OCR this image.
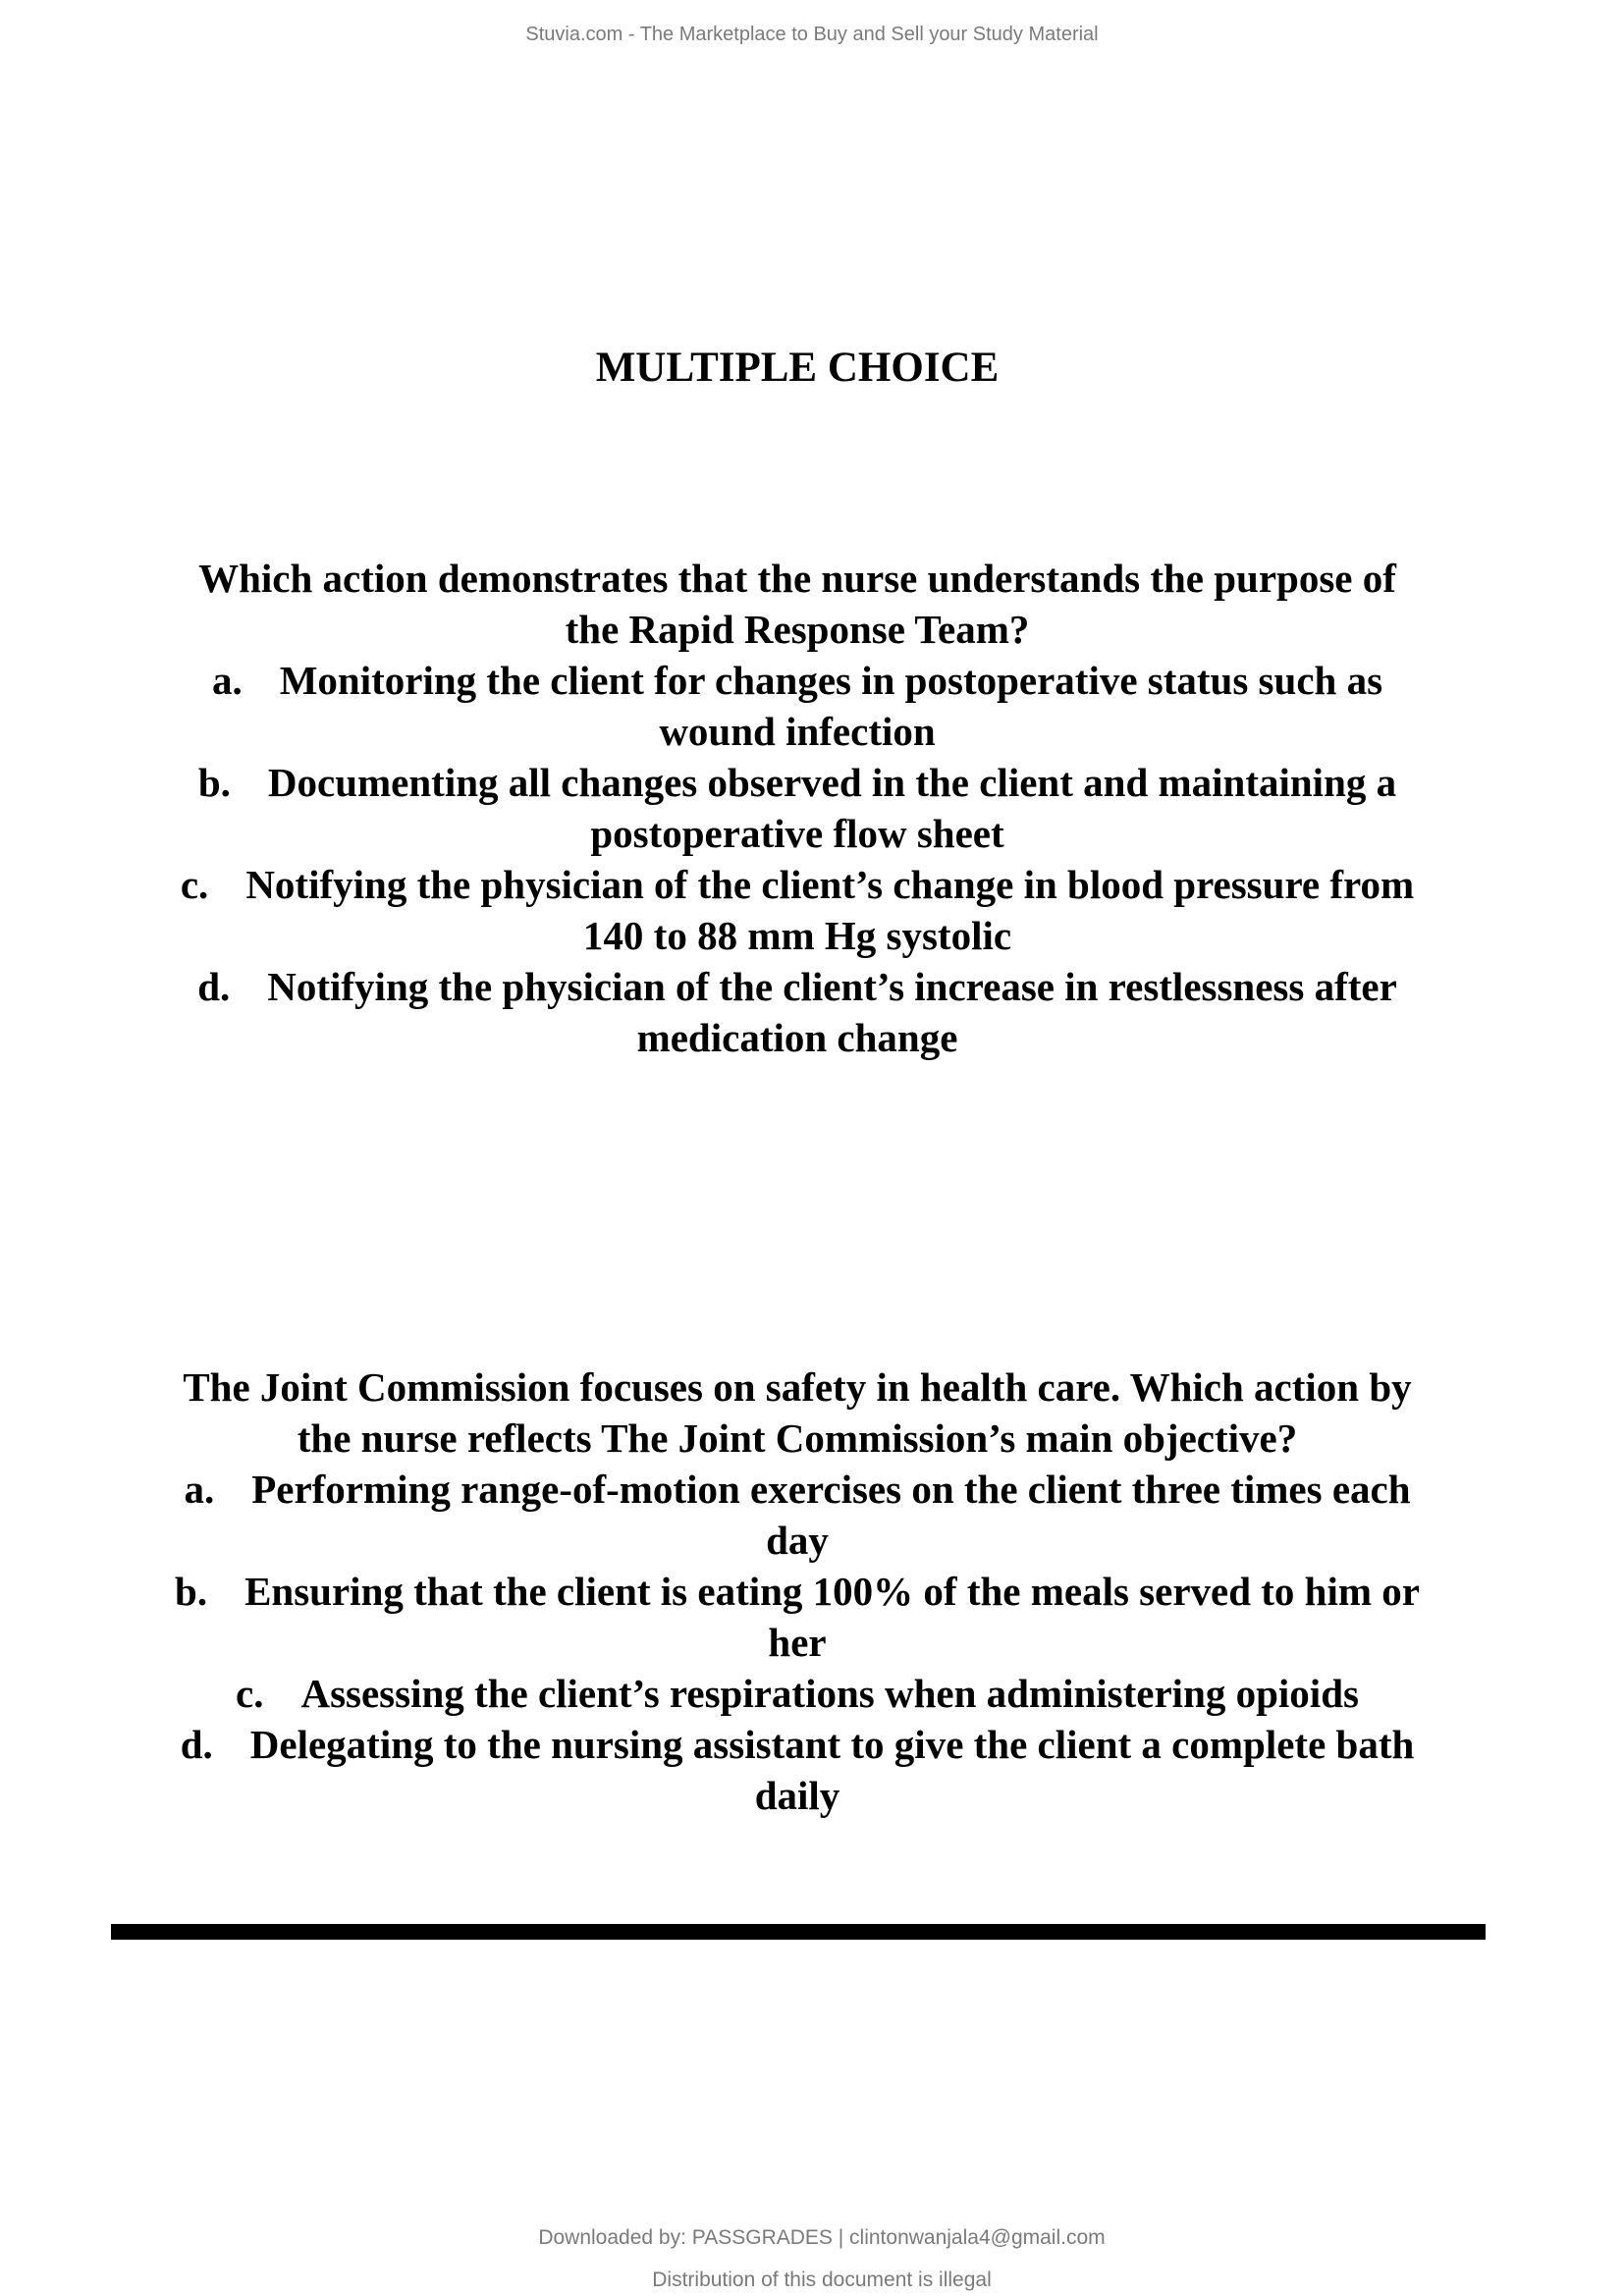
Stuvia.com - The Marketplace to Buy and Sell your Study Material
MULTIPLE CHOICE
Which action demonstrates that the nurse understands the purpose of
the Rapid Response Team?
a. Monitoring the client for changes in postoperative status such as
wound infection
b. Documenting all changes observed in the client and maintaining a
postoperative flow sheet
c. Notifying the physician of the client’s change in blood pressure from
140 to 88 mm Hg systolic
d. Notifying the physician of the client’s increase in restlessness after
medication change
The Joint Commission focuses on safety in health care. Which action by
the nurse reflects The Joint Commission’s main objective?
a. Performing range-of-motion exercises on the client three times each
day
b. Ensuring that the client is eating 100% of the meals served to him or
her
c. Assessing the client’s respirations when administering opioids
d. Delegating to the nursing assistant to give the client a complete bath
daily
Downloaded by: PASSGRADES | clintonwanjala4@gmail.com
Distribution of this document is illegal
